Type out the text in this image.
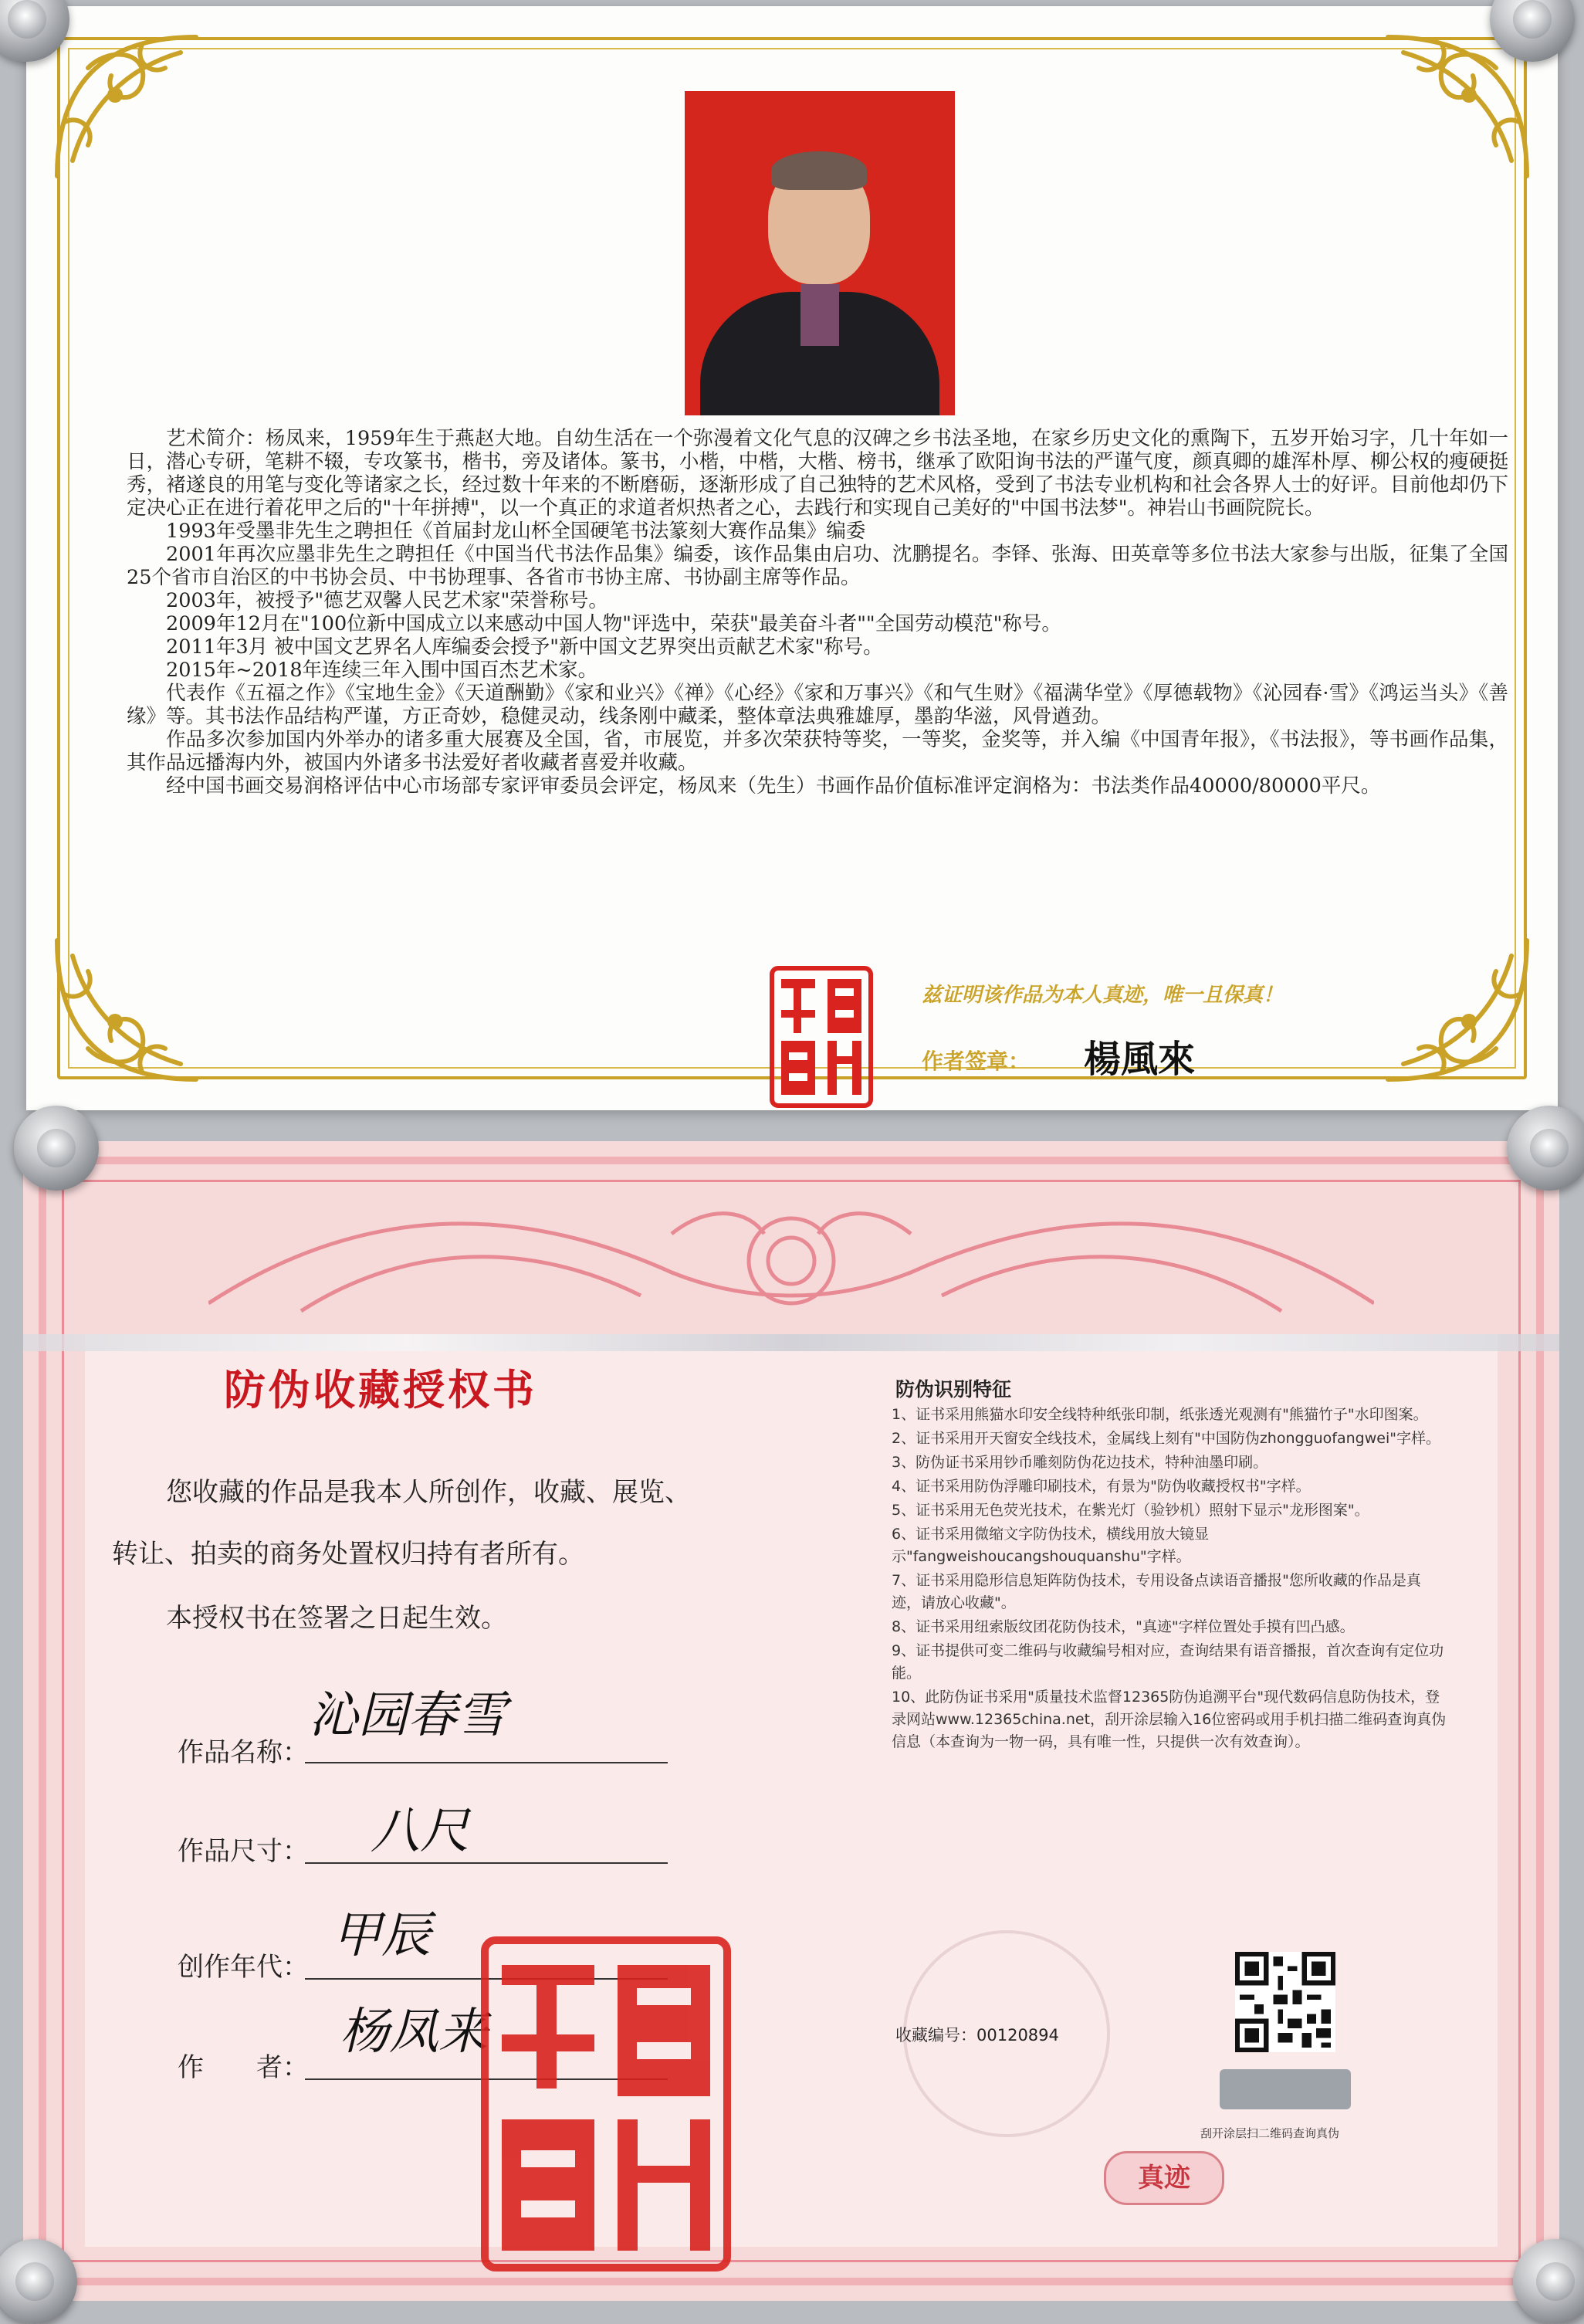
艺术简介：杨凤来，1959年生于燕赵大地。自幼生活在一个弥漫着文化气息的汉碑之乡书法圣地，在家乡历史文化的熏陶下，五岁开始习字，几十年如一日，潜心专研，笔耕不辍，专攻篆书，楷书，旁及诸体。篆书，小楷，中楷，大楷、榜书，继承了欧阳询书法的严谨气度，颜真卿的雄浑朴厚、柳公权的瘦硬挺秀，褚遂良的用笔与变化等诸家之长，经过数十年来的不断磨砺，逐渐形成了自己独特的艺术风格，受到了书法专业机构和社会各界人士的好评。目前他却仍下定决心正在进行着花甲之后的"十年拼搏"，以一个真正的求道者炽热者之心，去践行和实现自己美好的"中国书法梦"。神岩山书画院院长。

1993年受墨非先生之聘担任《首届封龙山杯全国硬笔书法篆刻大赛作品集》编委

2001年再次应墨非先生之聘担任《中国当代书法作品集》编委，该作品集由启功、沈鹏提名。李铎、张海、田英章等多位书法大家参与出版，征集了全国25个省市自治区的中书协会员、中书协理事、各省市书协主席、书协副主席等作品。

2003年，被授予"德艺双馨人民艺术家"荣誉称号。

2009年12月在"100位新中国成立以来感动中国人物"评选中，荣获"最美奋斗者""全国劳动模范"称号。

2011年3月 被中国文艺界名人库编委会授予"新中国文艺界突出贡献艺术家"称号。

2015年~2018年连续三年入围中国百杰艺术家。

代表作《五福之作》《宝地生金》《天道酬勤》《家和业兴》《禅》《心经》《家和万事兴》《和气生财》《福满华堂》《厚德载物》《沁园春·雪》《鸿运当头》《善缘》等。其书法作品结构严谨，方正奇妙，稳健灵动，线条刚中藏柔，整体章法典雅雄厚，墨韵华滋，风骨遒劲。

作品多次参加国内外举办的诸多重大展赛及全国，省，市展览，并多次荣获特等奖，一等奖，金奖等，并入编《中国青年报》，《书法报》，等书画作品集，其作品远播海内外，被国内外诸多书法爱好者收藏者喜爱并收藏。

经中国书画交易润格评估中心市场部专家评审委员会评定，杨凤来（先生）书画作品价值标准评定润格为：书法类作品40000/80000平尺。

兹证明该作品为本人真迹，唯一且保真！
作者签章： 楊風來
防伪收藏授权书
您收藏的作品是我本人所创作，收藏、展览、
转让、拍卖的商务处置权归持有者所有。
本授权书在签署之日起生效。
作品名称：
沁园春雪
作品尺寸： 八尺
创作年代：
甲辰
作　　者：
杨凤来
防伪识别特征
1、证书采用熊猫水印安全线特种纸张印制，纸张透光观测有"熊猫竹子"水印图案。
2、证书采用开天窗安全线技术，金属线上刻有"中国防伪zhongguofangwei"字样。
3、防伪证书采用钞币雕刻防伪花边技术，特种油墨印刷。
4、证书采用防伪浮雕印刷技术，有景为"防伪收藏授权书"字样。
5、证书采用无色荧光技术，在紫光灯（验钞机）照射下显示"龙形图案"。
6、证书采用微缩文字防伪技术，横线用放大镜显示"fangweishoucangshouquanshu"字样。
7、证书采用隐形信息矩阵防伪技术，专用设备点读语音播报"您所收藏的作品是真迹，请放心收藏"。
8、证书采用纽索版纹团花防伪技术，"真迹"字样位置处手摸有凹凸感。
9、证书提供可变二维码与收藏编号相对应，查询结果有语音播报，首次查询有定位功能。
10、此防伪证书采用"质量技术监督12365防伪追溯平台"现代数码信息防伪技术，登录网站www.12365china.net，刮开涂层输入16位密码或用手机扫描二维码查询真伪信息（本查询为一物一码，具有唯一性，只提供一次有效查询）。
收藏编号：00120894
刮开涂层扫二维码查询真伪
真迹
